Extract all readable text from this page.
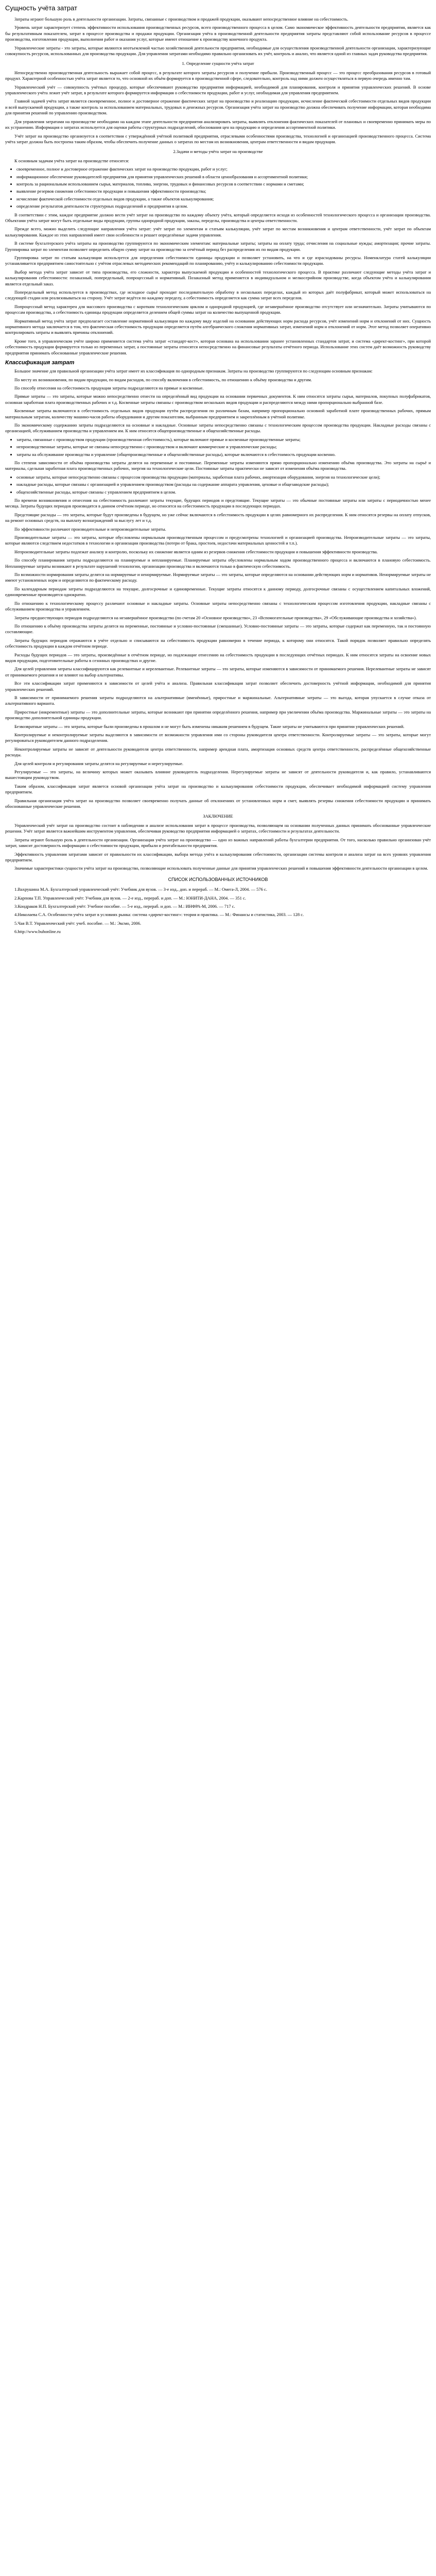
Сущность учёта затрат
Затраты играют большую роль в деятельности организации. Затраты, связанные с производством и продажей продукции, оказывают непосредственное влияние на себестоимость.
Уровень затрат характеризует степень эффективности использования производственных ресурсов, всего производственного процесса в целом. Само экономическое эффективность деятельности предприятия, является как бы результативным показателем, затрат в процессе производства и продажи продукции. Организация учёта в производственной деятельности предприятия затраты представляют собой использование ресурсов в процессе производства, изготовления продукции, выполнения работ и оказания услуг, которые имеют отношение к производству конечного продукта.
Управленческие затраты - это затраты, которые являются неотъемлемой частью хозяйственной деятельности предприятия, необходимые для осуществления производственной деятельности организации, характеризующие совокупность ресурсов, использованных для производства продукции. Для управления затратами необходимо правильно организовать их учёт, контроль и анализ, что является одной из главных задач руководства предприятия.
1. Определение сущности учёта затрат
Непосредственно производственная деятельность выражает собой процесс, в результате которого затраты ресурсов и получение прибыли. Производственный процесс — это процесс преобразования ресурсов в готовый продукт. Характерной особенностью учёта затрат является то, что основной их объём формируется в производственной сфере, следовательно, контроль над ними должен осуществляться в первую очередь именно там.
Управленческий учёт — совокупность учётных процедур, которые обеспечивают руководство предприятия информацией, необходимой для планирования, контроля и принятия управленческих решений. В основе управленческого учёта лежит учёт затрат, в результате которого формируется информация о себестоимости продукции, работ и услуг, необходимая для управления предприятием.
Главной задачей учёта затрат является своевременное, полное и достоверное отражение фактических затрат на производство и реализацию продукции, исчисление фактической себестоимости отдельных видов продукции и всей выпускаемой продукции, а также контроль за использованием материальных, трудовых и денежных ресурсов. Организация учёта затрат на производство должна обеспечивать получение информации, которая необходима для принятия решений по управлению производством.
Для управления затратами на производстве необходимо на каждом этапе деятельности предприятия анализировать затраты, выявлять отклонения фактических показателей от плановых и своевременно принимать меры по их устранению. Информация о затратах используется для оценки работы структурных подразделений, обоснования цен на продукцию и определения ассортиментной политики.
Учёт затрат на производство организуется в соответствии с утверждённой учётной политикой предприятия, отраслевыми особенностями производства, технологией и организацией производственного процесса. Система учёта затрат должна быть построена таким образом, чтобы обеспечить получение данных о затратах по местам их возникновения, центрам ответственности и видам продукции.
2.Задачи и методы учёта затрат на производстве
К основным задачам учёта затрат на производстве относятся:
• своевременное, полное и достоверное отражение фактических затрат на производство продукции, работ и услуг;
• информационное обеспечение руководителей предприятия для принятия управленческих решений в области ценообразования и ассортиментной политики;
• контроль за рациональным использованием сырья, материалов, топлива, энергии, трудовых и финансовых ресурсов в соответствии с нормами и сметами;
• выявление резервов снижения себестоимости продукции и повышения эффективности производства;
• исчисление фактической себестоимости отдельных видов продукции, а также объектов калькулирования;
• определение результатов деятельности структурных подразделений и предприятия в целом.
В соответствии с этим, каждое предприятие должно вести учёт затрат на производство по каждому объекту учёта, который определяется исходя из особенностей технологического процесса и организации производства. Объектами учёта затрат могут быть отдельные виды продукции, группы однородной продукции, заказы, переделы, производства и центры ответственности.
Прежде всего, можно выделить следующие направления учёта затрат: учёт затрат по элементам и статьям калькуляции, учёт затрат по местам возникновения и центрам ответственности, учёт затрат по объектам калькулирования. Каждое из этих направлений имеет свои особенности и решает определённые задачи управления.
В системе бухгалтерского учёта затраты на производство группируются по экономическим элементам: материальные затраты; затраты на оплату труда; отчисления на социальные нужды; амортизация; прочие затраты. Группировка затрат по элементам позволяет определить общую сумму затрат на производство за отчётный период без распределения их по видам продукции.
Группировка затрат по статьям калькуляции используется для определения себестоимости единицы продукции и позволяет установить, на что и где израсходованы ресурсы. Номенклатура статей калькуляции устанавливается предприятием самостоятельно с учётом отраслевых методических рекомендаций по планированию, учёту и калькулированию себестоимости продукции.
Выбор метода учёта затрат зависит от типа производства, его сложности, характера выпускаемой продукции и особенностей технологического процесса. В практике различают следующие методы учёта затрат и калькулирования себестоимости: позаказный, попередельный, попроцессный и нормативный. Позаказный метод применяется в индивидуальном и мелкосерийном производстве, когда объектом учёта и калькулирования является отдельный заказ.
Попередельный метод используется в производствах, где исходное сырьё проходит последовательную обработку в нескольких переделах, каждый из которых даёт полуфабрикат, который может использоваться на следующей стадии или реализовываться на сторону. Учёт затрат ведётся по каждому переделу, а себестоимость определяется как сумма затрат всех переделов.
Попроцессный метод характерен для массового производства с коротким технологическим циклом и однородной продукцией, где незавершённое производство отсутствует или незначительно. Затраты учитываются по процессам производства, а себестоимость единицы продукции определяется делением общей суммы затрат на количество выпущенной продукции.
Нормативный метод учёта затрат предполагает составление нормативной калькуляции по каждому виду изделий на основании действующих норм расхода ресурсов, учёт изменений норм и отклонений от них. Сущность нормативного метода заключается в том, что фактическая себестоимость продукции определяется путём алгебраического сложения нормативных затрат, изменений норм и отклонений от норм. Этот метод позволяет оперативно контролировать затраты и выявлять причины отклонений.
Кроме того, в управленческом учёте широко применяется система учёта затрат «стандарт-кост», которая основана на использовании заранее установленных стандартов затрат, и система «директ-костинг», при которой себестоимость продукции формируется только из переменных затрат, а постоянные затраты относятся непосредственно на финансовые результаты отчётного периода. Использование этих систем даёт возможность руководству предприятия принимать обоснованные управленческие решения.
Классификация затрат
Большое значение для правильной организации учёта затрат имеет их классификация по однородным признакам. Затраты на производство группируются по следующим основным признакам:
По месту их возникновения, по видам продукции, по видам расходов, по способу включения в себестоимость, по отношению к объёму производства и другим.
По способу отнесения на себестоимость продукции затраты подразделяются на прямые и косвенные.
Прямые затраты — это затраты, которые можно непосредственно отнести на определённый вид продукции на основании первичных документов. К ним относятся затраты сырья, материалов, покупных полуфабрикатов, основная заработная плата производственных рабочих и т.д. Косвенные затраты связаны с производством нескольких видов продукции и распределяются между ними пропорционально выбранной базе.
Косвенные затраты включаются в себестоимость отдельных видов продукции путём распределения по различным базам, например пропорционально основной заработной плате производственных рабочих, прямым материальным затратам, количеству машино-часов работы оборудования и другим показателям, выбранным предприятием и закреплённым в учётной политике.
По экономическому содержанию затраты подразделяются на основные и накладные. Основные затраты непосредственно связаны с технологическим процессом производства продукции. Накладные расходы связаны с организацией, обслуживанием производства и управлением им. К ним относятся общепроизводственные и общехозяйственные расходы.
• затраты, связанные с производством продукции (производственная себестоимость), которые включают прямые и косвенные производственные затраты;
• непроизводственные затраты, которые не связаны непосредственно с производством и включают коммерческие и управленческие расходы;
• затраты на обслуживание производства и управление (общепроизводственные и общехозяйственные расходы), которые включаются в себестоимость продукции косвенно.
По степени зависимости от объёма производства затраты делятся на переменные и постоянные. Переменные затраты изменяются прямо пропорционально изменению объёма производства. Это затраты на сырьё и материалы, сдельная заработная плата производственных рабочих, энергия на технологические цели. Постоянные затраты практически не зависят от изменения объёма производства.
• основные затраты, которые непосредственно связаны с процессом производства продукции (материалы, заработная плата рабочих, амортизация оборудования, энергия на технологические цели);
• накладные расходы, которые связаны с организацией и управлением производством (расходы на содержание аппарата управления, цеховые и общезаводские расходы);
• общехозяйственные расходы, которые связаны с управлением предприятием в целом.
По времени возникновения и отнесения на себестоимость различают затраты текущие, будущих периодов и предстоящие. Текущие затраты — это обычные постоянные затраты или затраты с периодичностью менее месяца. Затраты будущих периодов производятся в данном отчётном периоде, но относятся на себестоимость продукции в последующих периодах.
Предстоящие расходы — это затраты, которые будут произведены в будущем, но уже сейчас включаются в себестоимость продукции в целях равномерного их распределения. К ним относятся резервы на оплату отпусков, на ремонт основных средств, на выплату вознаграждений за выслугу лет и т.д.
По эффективности различают производительные и непроизводительные затраты.
Производительные затраты — это затраты, которые обусловлены нормальным производственным процессом и предусмотрены технологией и организацией производства. Непроизводительные затраты — это затраты, которые являются следствием недостатков в технологии и организации производства (потери от брака, простоев, недостачи материальных ценностей и т.п.).
Непроизводительные затраты подлежат анализу и контролю, поскольку их снижение является одним из резервов снижения себестоимости продукции и повышения эффективности производства.
По способу планирования затраты подразделяются на планируемые и непланируемые. Планируемые затраты обусловлены нормальным ходом производственного процесса и включаются в плановую себестоимость. Непланируемые затраты возникают в результате нарушений технологии, организации производства и включаются только в фактическую себестоимость.
По возможности нормирования затраты делятся на нормируемые и ненормируемые. Нормируемые затраты — это затраты, которые определяются на основании действующих норм и нормативов. Ненормируемые затраты не имеют установленных норм и определяются по фактическому расходу.
По календарным периодам затраты подразделяются на текущие, долгосрочные и единовременные. Текущие затраты относятся к данному периоду, долгосрочные связаны с осуществлением капитальных вложений, единовременные производятся однократно.
По отношению к технологическому процессу различают основные и накладные затраты. Основные затраты непосредственно связаны с технологическим процессом изготовления продукции, накладные связаны с обслуживанием производства и управлением.
Затраты предшествующих периодов подразделяются на незавершённое производство (по счетам 20 «Основное производство», 23 «Вспомогательные производства», 29 «Обслуживающие производства и хозяйства»).
По отношению к объёму производства затраты делятся на переменные, постоянные и условно-постоянные (смешанные). Условно-постоянные затраты — это затраты, которые содержат как переменную, так и постоянную составляющие.
Затраты будущих периодов отражаются в учёте отдельно и списываются на себестоимость продукции равномерно в течение периода, к которому они относятся. Такой порядок позволяет правильно определять себестоимость продукции в каждом отчётном периоде.
Расходы будущих периодов — это затраты, произведённые в отчётном периоде, но подлежащие отнесению на себестоимость продукции в последующих отчётных периодах. К ним относятся затраты на освоение новых видов продукции, подготовительные работы в сезонных производствах и другие.
Для целей управления затраты классифицируются как релевантные и нерелевантные. Релевантные затраты — это затраты, которые изменяются в зависимости от принимаемого решения. Нерелевантные затраты не зависят от принимаемого решения и не влияют на выбор альтернативы.
Все эти классификации затрат применяются в зависимости от целей учёта и анализа. Правильная классификация затрат позволяет обеспечить достоверность учётной информации, необходимой для принятия управленческих решений.
В зависимости от принимаемого решения затраты подразделяются на альтернативные (вменённые), приростные и маржинальные. Альтернативные затраты — это выгода, которая упускается в случае отказа от альтернативного варианта.
Приростные (инкрементные) затраты — это дополнительные затраты, которые возникают при принятии определённого решения, например при увеличении объёма производства. Маржинальные затраты — это затраты на производство дополнительной единицы продукции.
Безвозвратные затраты — это затраты, которые были произведены в прошлом и не могут быть изменены никаким решением в будущем. Такие затраты не учитываются при принятии управленческих решений.
Контролируемые и неконтролируемые затраты выделяются в зависимости от возможности управления ими со стороны руководителя центра ответственности. Контролируемые затраты — это затраты, которые могут регулироваться руководителем данного подразделения.
Неконтролируемые затраты не зависят от деятельности руководителя центра ответственности, например арендная плата, амортизация основных средств центра ответственности, распределённые общехозяйственные расходы.
Для целей контроля и регулирования затраты делятся на регулируемые и нерегулируемые.
Регулируемые — это затраты, на величину которых может оказывать влияние руководитель подразделения. Нерегулируемые затраты не зависят от деятельности руководителя и, как правило, устанавливаются вышестоящим руководством.
Таким образом, классификация затрат является основой организации учёта затрат на производство и калькулирования себестоимости продукции, обеспечивает необходимой информацией систему управления предприятием.
Правильная организация учёта затрат на производство позволяет своевременно получать данные об отклонениях от установленных норм и смет, выявлять резервы снижения себестоимости продукции и принимать обоснованные управленческие решения.
ЗАКЛЮЧЕНИЕ
Управленческий учёт затрат на производство состоит в наблюдении и анализе использования затрат в процессе производства, позволяющем на основании полученных данных принимать обоснованные управленческие решения. Учёт затрат является важнейшим инструментом управления, обеспечивая руководство предприятия информацией о затратах, себестоимости и результатах деятельности.
Затраты играют большую роль в деятельности организации. Организация учёта затрат на производство — одно из важных направлений работы бухгалтерии предприятия. От того, насколько правильно организован учёт затрат, зависит достоверность информации о себестоимости продукции, прибыли и рентабельности предприятия.
Эффективность управления затратами зависит от правильности их классификации, выбора метода учёта и калькулирования себестоимости, организации системы контроля и анализа затрат на всех уровнях управления предприятием.
Значимые характеристики сущности учёта затрат на производство, позволяющие использовать полученные данные для принятия управленческих решений и повышения эффективности деятельности организации в целом.
СПИСОК ИСПОЛЬЗОВАННЫХ ИСТОЧНИКОВ
1.Вахрушина М.А. Бухгалтерский управленческий учёт: Учебник для вузов. — 3-е изд., доп. и перераб. — М.: Омега-Л, 2004. — 576 с.
2.Карпова Т.П. Управленческий учёт: Учебник для вузов. — 2-е изд., перераб. и доп. — М.: ЮНИТИ-ДАНА, 2004. — 351 с.
3.Кондраков Н.П. Бухгалтерский учёт: Учебное пособие. — 5-е изд., перераб. и доп. — М.: ИНФРА-М, 2006. — 717 с.
4.Николаева С.А. Особенности учёта затрат в условиях рынка: система «директ-костинг»: теория и практика. — М.: Финансы и статистика, 2003. — 128 с.
5.Чая В.Т. Управленческий учёт: учеб. пособие. — М.: Эксмо, 2006.
6.http://www.buhonline.ru
